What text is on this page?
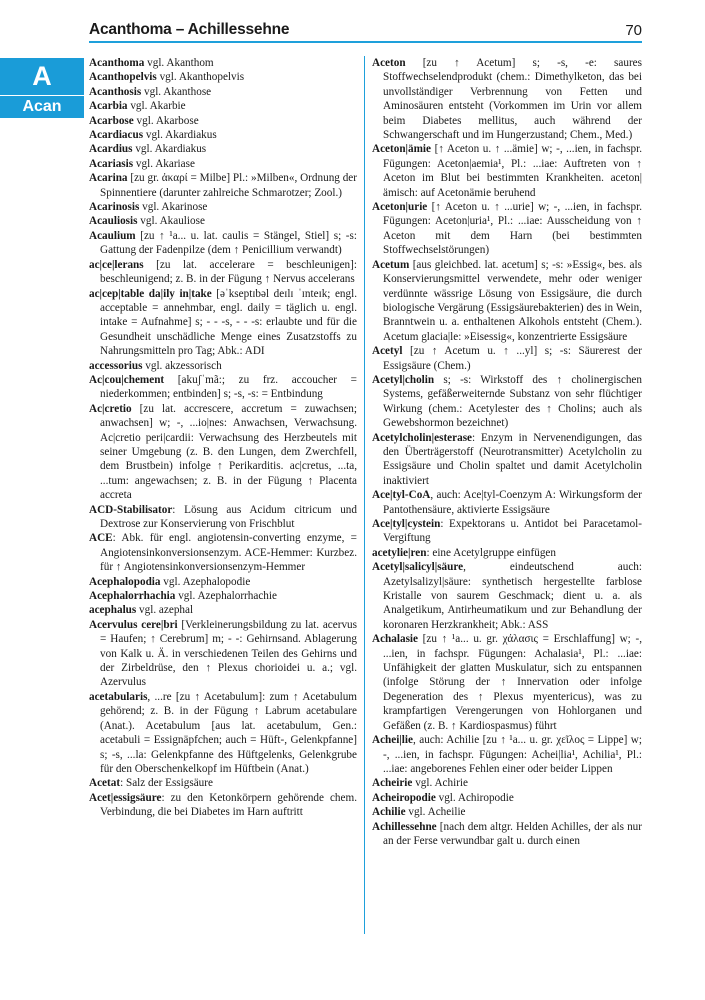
Acanthoma – Achillessehne	70
A
Acan

Acanthoma vgl. Akanthom

Acanthopelvis vgl. Akanthopelvis

Acanthosis vgl. Akanthose

Acarbia vgl. Akarbie

Acarbose vgl. Akarbose

Acardiacus vgl. Akardiakus

Acardius vgl. Akardiakus

Acariasis vgl. Akariase

Acarina [zu gr. ἀκαρί = Milbe] Pl.: »Milben«, Ordnung der Spinnentiere (darunter zahlreiche Schmarotzer; Zool.)

Acarinosis vgl. Akarinose

Acauliosis vgl. Akauliose

Acaulium [zu ↑ ¹a... u. lat. caulis = Stängel, Stiel] s; -s: Gattung der Fadenpilze (dem ↑ Penicillium verwandt)

ac|ce|lerans [zu lat. accelerare = beschleunigen]: beschleunigend; z. B. in der Fügung ↑ Nervus accelerans

ac|cep|table da|ily in|take [əˈkseptɪbəl deɪlɪ ˈɪnteɪk; engl. acceptable = annehmbar, engl. daily = täglich u. engl. intake = Aufnahme] s; - - -s, - - -s: erlaubte und für die Gesundheit unschädliche Menge eines Zusatzstoffs zu Nahrungsmitteln pro Tag; Abk.: ADI

accessorius vgl. akzessorisch

Ac|cou|chement [akuʃˈmã:; zu frz. accoucher = niederkommen; entbinden] s; -s, -s: = Entbindung

Ac|cretio [zu lat. accrescere, accretum = zuwachsen; anwachsen] w; -, ...io|nes: Anwachsen, Verwachsung. Ac|cretio peri|cardii: Verwachsung des Herzbeutels mit seiner Umgebung (z. B. den Lungen, dem Zwerchfell, dem Brustbein) infolge ↑ Perikarditis. ac|cretus, ...ta, ...tum: angewachsen; z. B. in der Fügung ↑ Placenta accreta

ACD-Stabilisator: Lösung aus Acidum citricum und Dextrose zur Konservierung von Frischblut

ACE: Abk. für engl. angiotensin-converting enzyme, = Angiotensinkonversionsenzym. ACE-Hemmer: Kurzbez. für ↑ Angiotensinkonversionsenzym-Hemmer

Acephalopodia vgl. Azephalopodie

Acephalorrhachia vgl. Azephalorrhachie

acephalus vgl. azephal

Acervulus cere|bri [Verkleinerungsbildung zu lat. acervus = Haufen; ↑ Cerebrum] m; - -: Gehirnsand. Ablagerung von Kalk u. Ä. in verschiedenen Teilen des Gehirns und der Zirbeldrüse, den ↑ Plexus chorioidei u. a.; vgl. Azervulus

acetabularis, ...re [zu ↑ Acetabulum]: zum ↑ Acetabulum gehörend; z. B. in der Fügung ↑ Labrum acetabulare (Anat.). Acetabulum [aus lat. acetabulum, Gen.: acetabuli = Essignäpfchen; auch = Hüft-, Gelenkpfanne] s; -s, ...la: Gelenkpfanne des Hüftgelenks, Gelenkgrube für den Oberschenkelkopf im Hüftbein (Anat.)

Acetat: Salz der Essigsäure

Acet|essigsäure: zu den Ketonkörpern gehörende chem. Verbindung, die bei Diabetes im Harn auftritt

Aceton [zu ↑ Acetum] s; -s, -e: saures Stoffwechselendprodukt (chem.: Dimethylketon, das bei unvollständiger Verbrennung von Fetten und Aminosäuren entsteht (Vorkommen im Urin vor allem beim Diabetes mellitus, auch während der Schwangerschaft und im Hungerzustand; Chem., Med.)

Aceton|ämie [↑ Aceton u. ↑ ...ämie] w; -, ...ien, in fachspr. Fügungen: Aceton|aemia¹, Pl.: ...iae: Auftreten von ↑ Aceton im Blut bei bestimmten Krankheiten. aceton|ämisch: auf Acetonämie beruhend

Aceton|urie [↑ Aceton u. ↑ ...urie] w; -, ...ien, in fachspr. Fügungen: Aceton|uria¹, Pl.: ...iae: Ausscheidung von ↑ Aceton mit dem Harn (bei bestimmten Stoffwechselstörungen)

Acetum [aus gleichbed. lat. acetum] s; -s: »Essig«, bes. als Konservierungsmittel verwendete, mehr oder weniger verdünnte wässrige Lösung von Essigsäure, die durch biologische Vergärung (Essigsäurebakterien) des in Wein, Branntwein u. a. enthaltenen Alkohols entsteht (Chem.). Acetum glacia|le: »Eisessig«, konzentrierte Essigsäure

Acetyl [zu ↑ Acetum u. ↑ ...yl] s; -s: Säurerest der Essigsäure (Chem.)

Acetyl|cholin s; -s: Wirkstoff des ↑ cholinergischen Systems, gefäßerweiternde Substanz von sehr flüchtiger Wirkung (chem.: Acetylester des ↑ Cholins; auch als Gewebshormon bezeichnet)

Acetylcholin|esterase: Enzym in Nervenendigungen, das den Überträgerstoff (Neurotransmitter) Acetylcholin zu Essigsäure und Cholin spaltet und damit Acetylcholin inaktiviert

Ace|tyl-CoA, auch: Ace|tyl-Coenzym A: Wirkungsform der Pantothensäure, aktivierte Essigsäure

Ace|tyl|cystein: Expektorans u. Antidot bei Paracetamol-Vergiftung

acetylie|ren: eine Acetylgruppe einfügen

Acetyl|salicyl|säure, eindeutschend auch: Azetylsalizyl|säure: synthetisch hergestellte farblose Kristalle von saurem Geschmack; dient u. a. als Analgetikum, Antirheumatikum und zur Behandlung der koronaren Herzkrankheit; Abk.: ASS

Achalasie [zu ↑ ¹a... u. gr. χάλασις = Erschlaffung] w; -, ...ien, in fachspr. Fügungen: Achalasia¹, Pl.: ...iae: Unfähigkeit der glatten Muskulatur, sich zu entspannen (infolge Störung der ↑ Innervation oder infolge Degeneration des ↑ Plexus myentericus), was zu krampfartigen Verengerungen von Hohlorganen und Gefäßen (z. B. ↑ Kardiospasmus) führt

Achei|lie, auch: Achilie [zu ↑ ¹a... u. gr. χεῖλος = Lippe] w; -, ...ien, in fachspr. Fügungen: Achei|lia¹, Achilia¹, Pl.: ...iae: angeborenes Fehlen einer oder beider Lippen

Acheirie vgl. Achirie

Acheiropodie vgl. Achiropodie

Achilie vgl. Acheilie

Achillessehne [nach dem altgr. Helden Achilles, der als nur an der Ferse verwundbar galt u. durch einen
